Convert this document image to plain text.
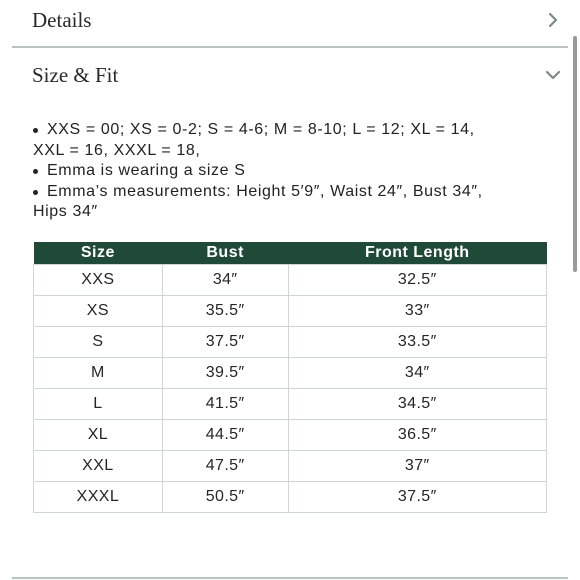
Details
Size & Fit
XXS = 00; XS = 0-2; S = 4-6; M = 8-10; L = 12; XL = 14,
XXL = 16, XXXL = 18,
Emma is wearing a size S
Emma’s measurements: Height 5′9″, Waist 24″, Bust 34″,
Hips 34″
Size	Bust	Front Length
XXS	34″	32.5″
XS	35.5″	33″
S	37.5″	33.5″
M	39.5″	34″
L	41.5″	34.5″
XL	44.5″	36.5″
XXL	47.5″	37″
XXXL	50.5″	37.5″
